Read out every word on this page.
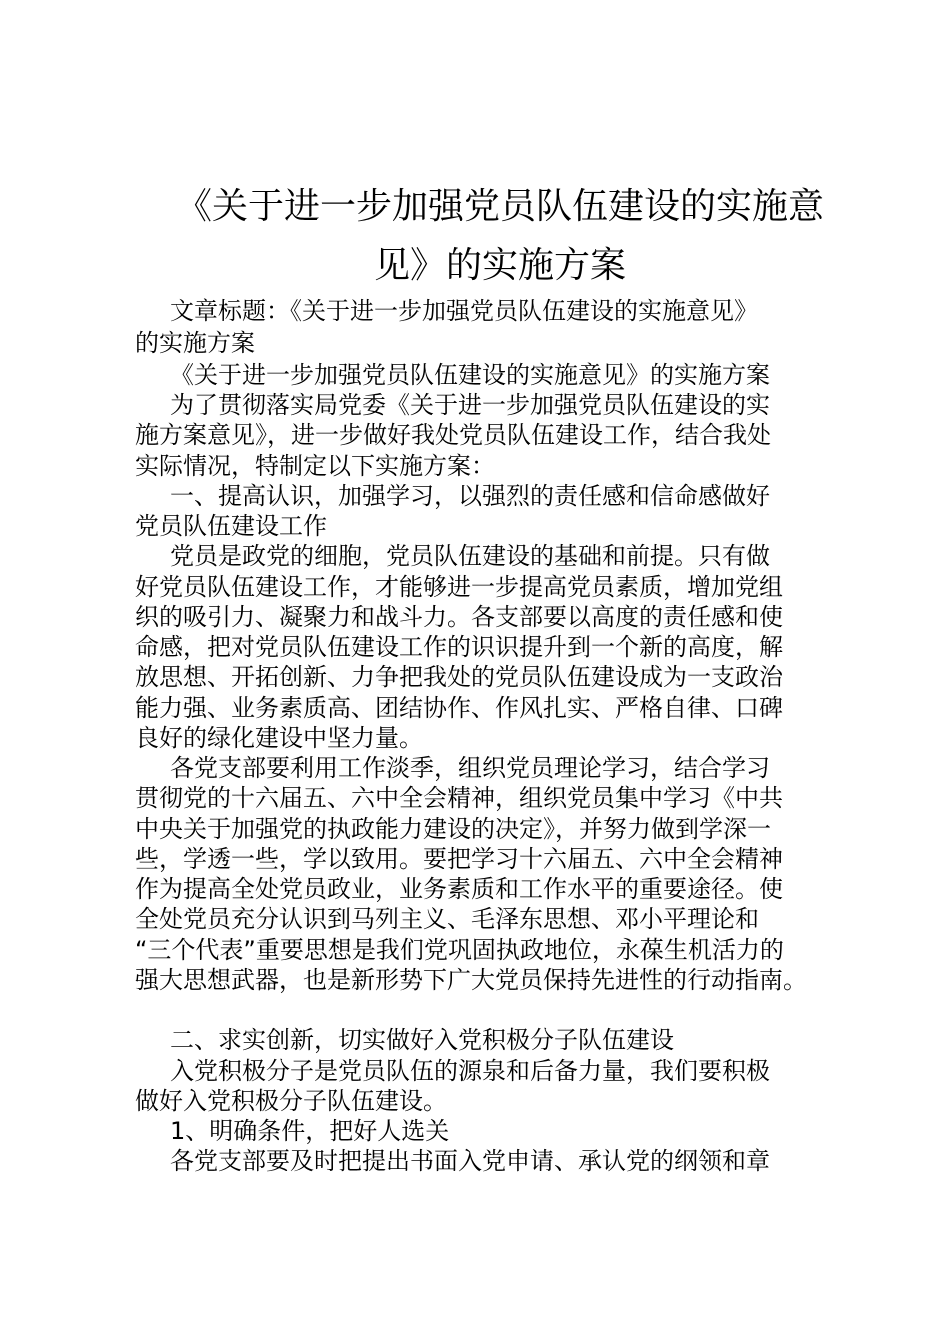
《关于进一步加强党员队伍建设的实施意
见》的实施方案
文章标题：《关于进一步加强党员队伍建设的实施意见》
的实施方案
《关于进一步加强党员队伍建设的实施意见》的实施方案
为了贯彻落实局党委《关于进一步加强党员队伍建设的实
施方案意见》，进一步做好我处党员队伍建设工作，结合我处
实际情况，特制定以下实施方案：
一、提高认识，加强学习，以强烈的责任感和信命感做好
党员队伍建设工作
党员是政党的细胞，党员队伍建设的基础和前提。只有做
好党员队伍建设工作，才能够进一步提高党员素质，增加党组
织的吸引力、凝聚力和战斗力。各支部要以高度的责任感和使
命感，把对党员队伍建设工作的识识提升到一个新的高度，解
放思想、开拓创新、力争把我处的党员队伍建设成为一支政治
能力强、业务素质高、团结协作、作风扎实、严格自律、口碑
良好的绿化建设中坚力量。
各党支部要利用工作淡季，组织党员理论学习，结合学习
贯彻党的十六届五、六中全会精神，组织党员集中学习《中共
中央关于加强党的执政能力建设的决定》，并努力做到学深一
些，学透一些，学以致用。要把学习十六届五、六中全会精神
作为提高全处党员政业，业务素质和工作水平的重要途径。使
全处党员充分认识到马列主义、毛泽东思想、邓小平理论和
“三个代表”重要思想是我们党巩固执政地位，永葆生机活力的
强大思想武器，也是新形势下广大党员保持先进性的行动指南。
二、求实创新，切实做好入党积极分子队伍建设
入党积极分子是党员队伍的源泉和后备力量，我们要积极
做好入党积极分子队伍建设。
1、明确条件，把好人选关
各党支部要及时把提出书面入党申请、承认党的纲领和章
